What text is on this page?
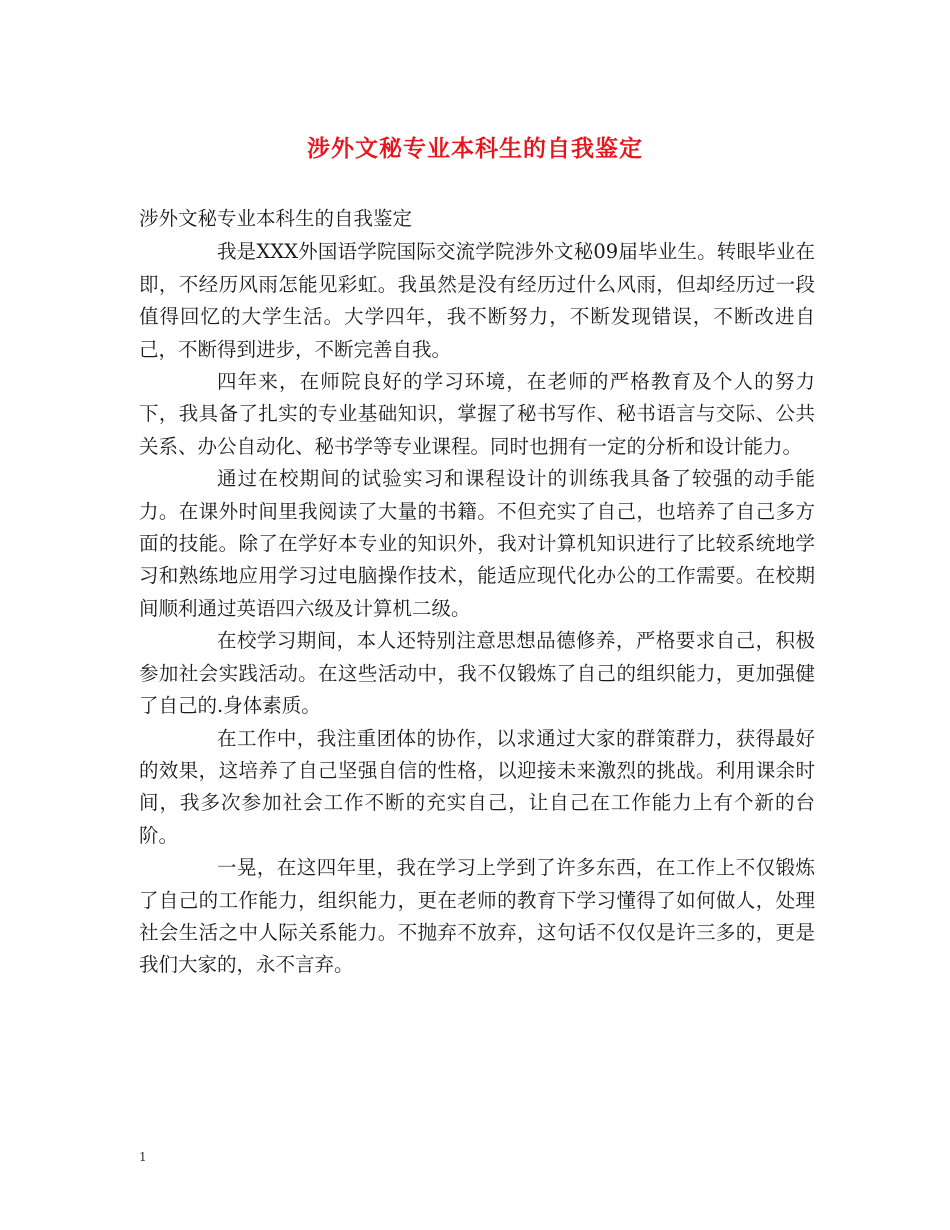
涉外文秘专业本科生的自我鉴定

涉外文秘专业本科生的自我鉴定

我是XXX外国语学院国际交流学院涉外文秘09届毕业生。转眼毕业在即，不经历风雨怎能见彩虹。我虽然是没有经历过什么风雨，但却经历过一段值得回忆的大学生活。大学四年，我不断努力，不断发现错误，不断改进自己，不断得到进步，不断完善自我。

四年来，在师院良好的学习环境，在老师的严格教育及个人的努力下，我具备了扎实的专业基础知识，掌握了秘书写作、秘书语言与交际、公共关系、办公自动化、秘书学等专业课程。同时也拥有一定的分析和设计能力。

通过在校期间的试验实习和课程设计的训练我具备了较强的动手能力。在课外时间里我阅读了大量的书籍。不但充实了自己，也培养了自己多方面的技能。除了在学好本专业的知识外，我对计算机知识进行了比较系统地学习和熟练地应用学习过电脑操作技术，能适应现代化办公的工作需要。在校期间顺利通过英语四六级及计算机二级。

在校学习期间，本人还特别注意思想品德修养，严格要求自己，积极参加社会实践活动。在这些活动中，我不仅锻炼了自己的组织能力，更加强健了自己的.身体素质。

在工作中，我注重团体的协作，以求通过大家的群策群力，获得最好的效果，这培养了自己坚强自信的性格，以迎接未来激烈的挑战。利用课余时间，我多次参加社会工作不断的充实自己，让自己在工作能力上有个新的台阶。

一晃，在这四年里，我在学习上学到了许多东西，在工作上不仅锻炼了自己的工作能力，组织能力，更在老师的教育下学习懂得了如何做人，处理社会生活之中人际关系能力。不抛弃不放弃，这句话不仅仅是许三多的，更是我们大家的，永不言弃。

1
